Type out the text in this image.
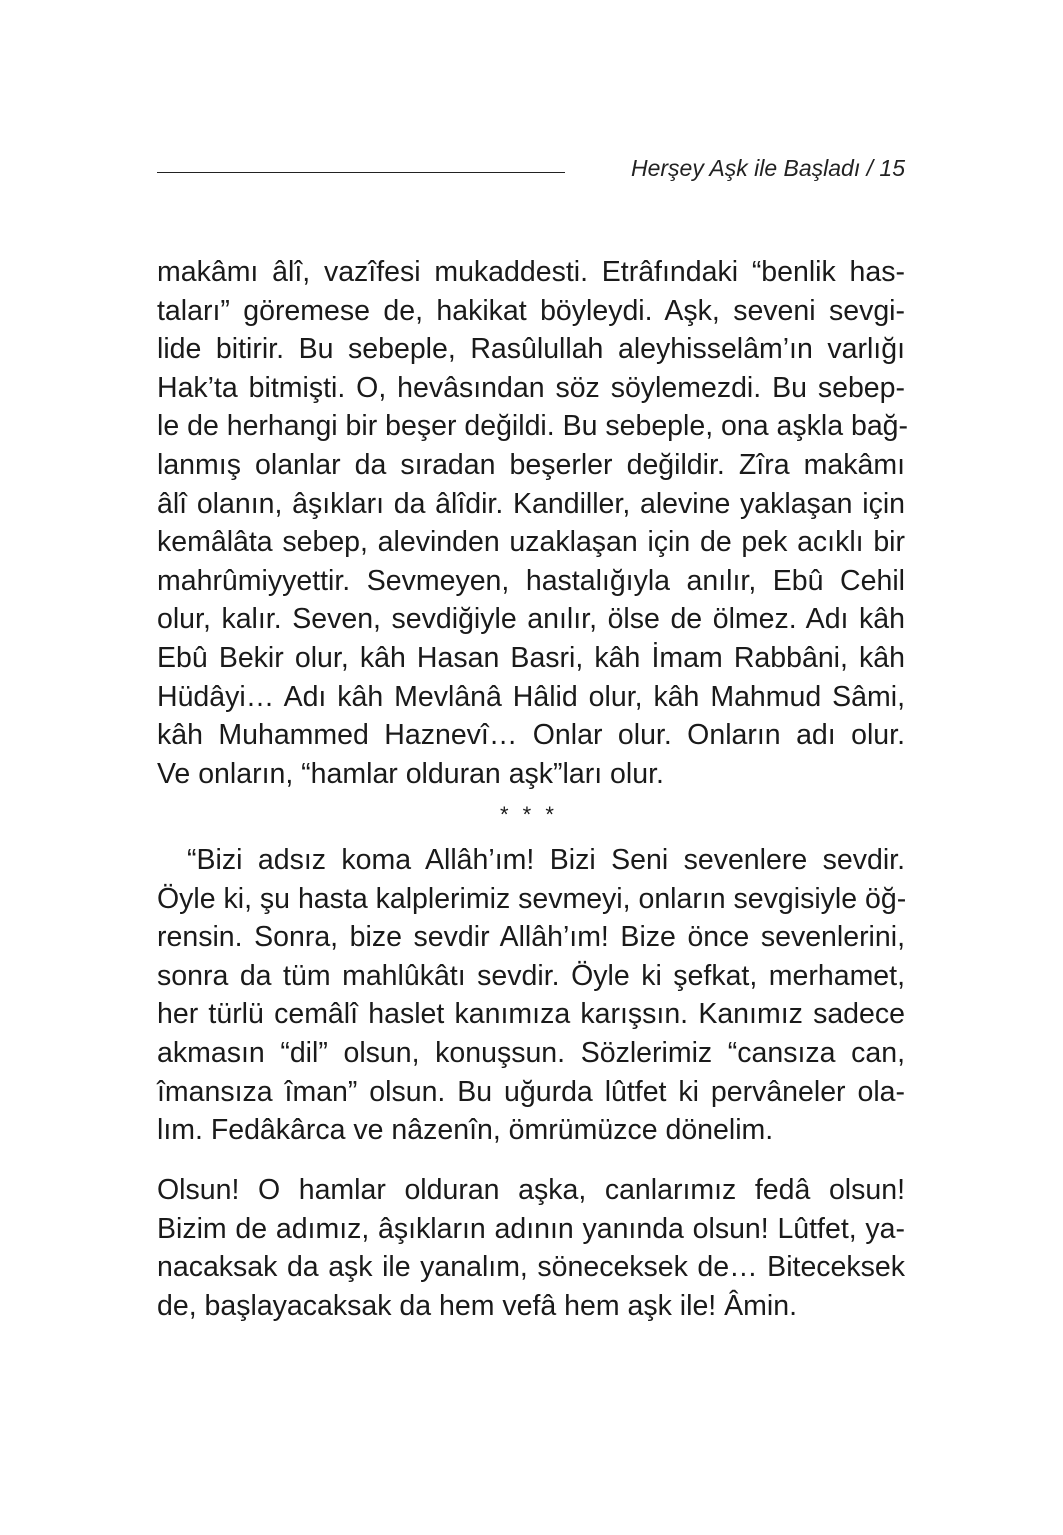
Herşey Aşk ile Başladı / 15
makâmı âlî, vazîfesi mukaddesti. Etrâfındaki “benlik has-
taları” göremese de, hakikat böyleydi. Aşk, seveni sevgi-
lide bitirir. Bu sebeple, Rasûlullah aleyhisselâm’ın varlığı
Hak’ta bitmişti. O, hevâsından söz söylemezdi. Bu sebep-
le de herhangi bir beşer değildi. Bu sebeple, ona aşkla bağ-
lanmış olanlar da sıradan beşerler değildir. Zîra makâmı
âlî olanın, âşıkları da âlîdir. Kandiller, alevine yaklaşan için
kemâlâta sebep, alevinden uzaklaşan için de pek acıklı bir
mahrûmiyyettir. Sevmeyen, hastalığıyla anılır, Ebû Cehil
olur, kalır. Seven, sevdiğiyle anılır, ölse de ölmez. Adı kâh
Ebû Bekir olur, kâh Hasan Basri, kâh İmam Rabbâni, kâh
Hüdâyi… Adı kâh Mevlânâ Hâlid olur, kâh Mahmud Sâmi,
kâh Muhammed Haznevî… Onlar olur. Onların adı olur.
Ve onların, “hamlar olduran aşk”ları olur.
* * *
“Bizi adsız koma Allâh’ım! Bizi Seni sevenlere sevdir.
Öyle ki, şu hasta kalplerimiz sevmeyi, onların sevgisiyle öğ-
rensin. Sonra, bize sevdir Allâh’ım! Bize önce sevenlerini,
sonra da tüm mahlûkâtı sevdir. Öyle ki şefkat, merhamet,
her türlü cemâlî haslet kanımıza karışsın. Kanımız sadece
akmasın “dil” olsun, konuşsun. Sözlerimiz “cansıza can,
îmansıza îman” olsun. Bu uğurda lûtfet ki pervâneler ola-
lım. Fedâkârca ve nâzenîn, ömrümüzce dönelim.
Olsun! O hamlar olduran aşka, canlarımız fedâ olsun!
Bizim de adımız, âşıkların adının yanında olsun! Lûtfet, ya-
nacaksak da aşk ile yanalım, söneceksek de… Biteceksek
de, başlayacaksak da hem vefâ hem aşk ile! Âmin.
